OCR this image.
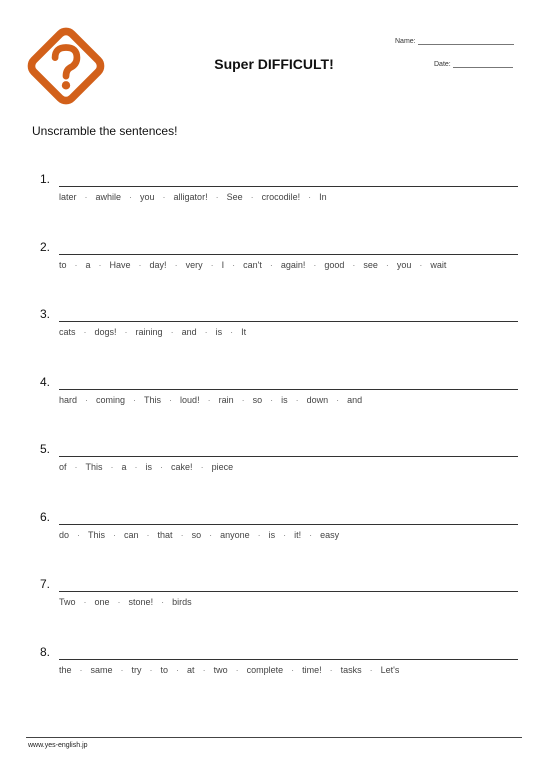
Super DIFFICULT!
Name:
Date:
Unscramble the sentences!
1.
later · awhile · you · alligator! · See · crocodile! · In
2.
to · a · Have · day! · very · I · can't · again! · good · see · you · wait
3.
cats · dogs! · raining · and · is · It
4.
hard · coming · This · loud! · rain · so · is · down · and
5.
of · This · a · is · cake! · piece
6.
do · This · can · that · so · anyone · is · it! · easy
7.
Two · one · stone! · birds
8.
the · same · try · to · at · two · complete · time! · tasks · Let's
www.yes-english.jp
